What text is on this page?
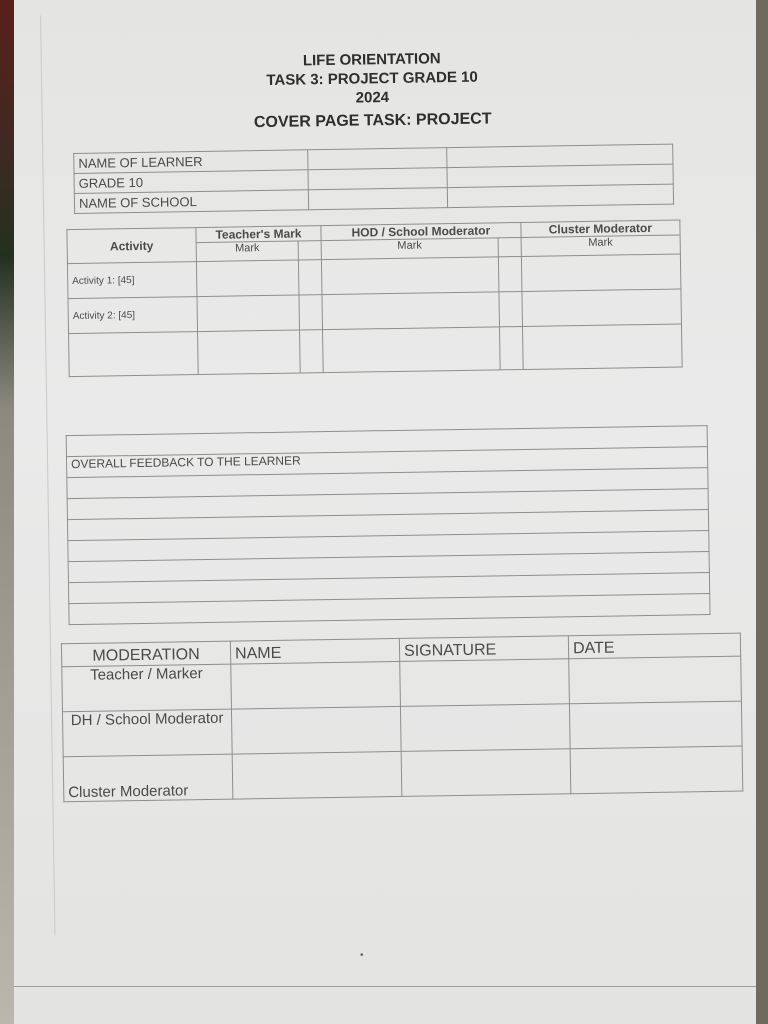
LIFE ORIENTATION
TASK 3: PROJECT GRADE 10
2024
COVER PAGE TASK: PROJECT
NAME OF LEARNER		
GRADE 10		
NAME OF SCHOOL		
Activity	Teacher's Mark		HOD / School Moderator		Cluster Moderator
	Mark		Mark		Mark
Activity 1: [45]					
Activity 2: [45]					

OVERALL FEEDBACK TO THE LEARNER

MODERATION	NAME	SIGNATURE	DATE
Teacher / Marker			
DH / School Moderator			
Cluster Moderator			
•
